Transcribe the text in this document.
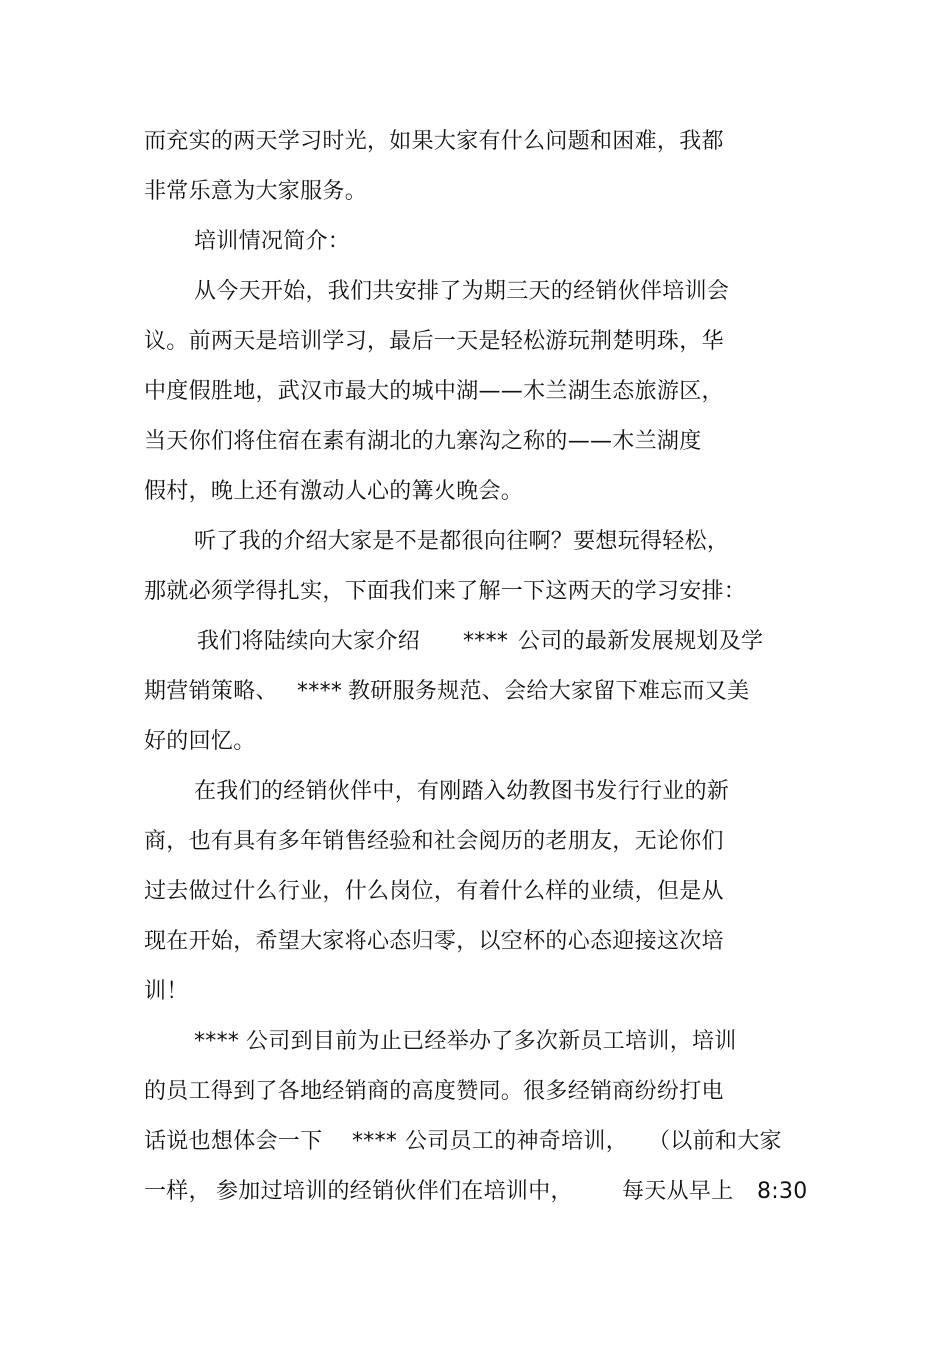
而充实的两天学习时光，如果大家有什么问题和困难，我都
非常乐意为大家服务。
培训情况简介：
从今天开始，我们共安排了为期三天的经销伙伴培训会
议。前两天是培训学习，最后一天是轻松游玩荆楚明珠，华
中度假胜地，武汉市最大的城中湖——木兰湖生态旅游区，
当天你们将住宿在素有湖北的九寨沟之称的——木兰湖度
假村，晚上还有激动人心的篝火晚会。
听了我的介绍大家是不是都很向往啊？要想玩得轻松，
那就必须学得扎实，下面我们来了解一下这两天的学习安排：
我们将陆续向大家介绍 **** 公司的最新发展规划及学
期营销策略、 **** 教研服务规范、会给大家留下难忘而又美
好的回忆。
在我们的经销伙伴中，有刚踏入幼教图书发行行业的新
商，也有具有多年销售经验和社会阅历的老朋友，无论你们
过去做过什么行业，什么岗位，有着什么样的业绩，但是从
现在开始，希望大家将心态归零，以空杯的心态迎接这次培
训！
**** 公司到目前为止已经举办了多次新员工培训，培训
的员工得到了各地经销商的高度赞同。很多经销商纷纷打电
话说也想体会一下 **** 公司员工的神奇培训， （以前和大家
一样， 参加过培训的经销伙伴们在培训中， 每天从早上 8:30
